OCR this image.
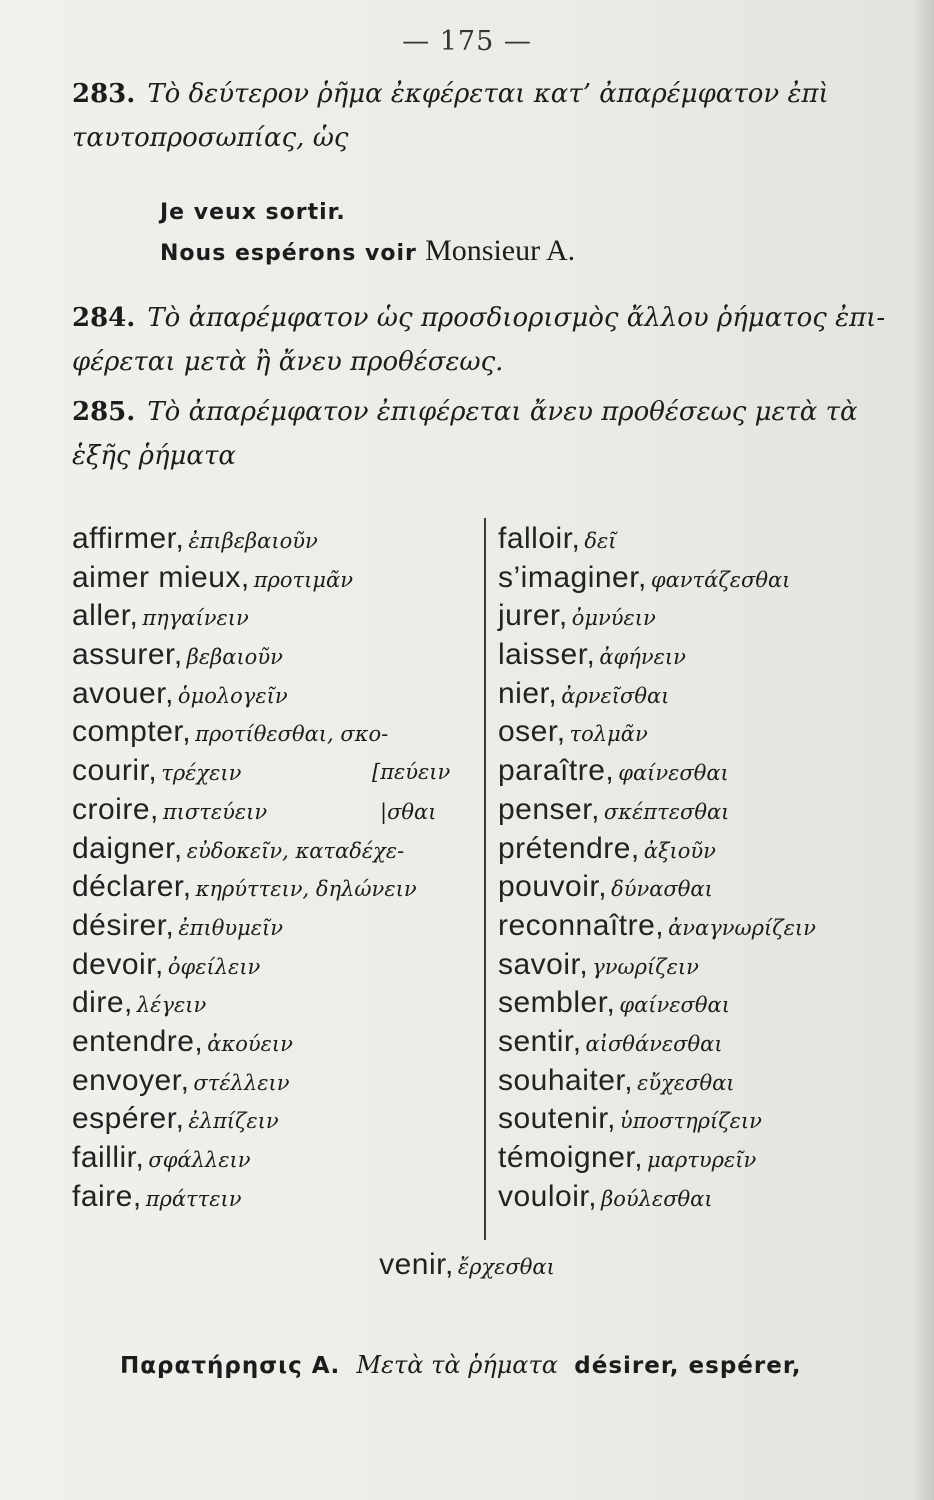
— 175 —
283. Τὸ δεύτερον ῥῆμα ἐκφέρεται κατ’ ἀπαρέμφατον ἐπὶ
ταυτοπροσωπίας, ὡς
Je veux sortir.
Nous espérons voir Monsieur A.
284. Τὸ ἀπαρέμφατον ὡς προσδιορισμὸς ἄλλου ῥήματος ἐπι-
φέρεται μετὰ ἢ ἄνευ προθέσεως.
285. Τὸ ἀπαρέμφατον ἐπιφέρεται ἄνευ προθέσεως μετὰ τὰ
ἑξῆς ῥήματα
affirmer, ἐπιβεβαιοῦν
aimer mieux, προτιμᾶν
aller, πηγαίνειν
assurer, βεβαιοῦν
avouer, ὁμολογεῖν
compter, προτίθεσθαι, σκο-
courir, τρέχειν
croire, πιστεύειν
daigner, εὐδοκεῖν, καταδέχε-
déclarer, κηρύττειν, δηλώνειν
désirer, ἐπιθυμεῖν
devoir, ὀφείλειν
dire, λέγειν
entendre, ἀκούειν
envoyer, στέλλειν
espérer, ἐλπίζειν
faillir, σφάλλειν
faire, πράττειν
[πεύειν
|σθαι
falloir, δεῖ
s’imaginer, φαντάζεσθαι
jurer, ὀμνύειν
laisser, ἀφήνειν
nier, ἀρνεῖσθαι
oser, τολμᾶν
paraître, φαίνεσθαι
penser, σκέπτεσθαι
prétendre, ἀξιοῦν
pouvoir, δύνασθαι
reconnaître, ἀναγνωρίζειν
savoir, γνωρίζειν
sembler, φαίνεσθαι
sentir, αἰσθάνεσθαι
souhaiter, εὔχεσθαι
soutenir, ὑποστηρίζειν
témoigner, μαρτυρεῖν
vouloir, βούλεσθαι
venir, ἔρχεσθαι
Παρατήρησις Α. Μετὰ τὰ ῥήματα désirer, espérer,
